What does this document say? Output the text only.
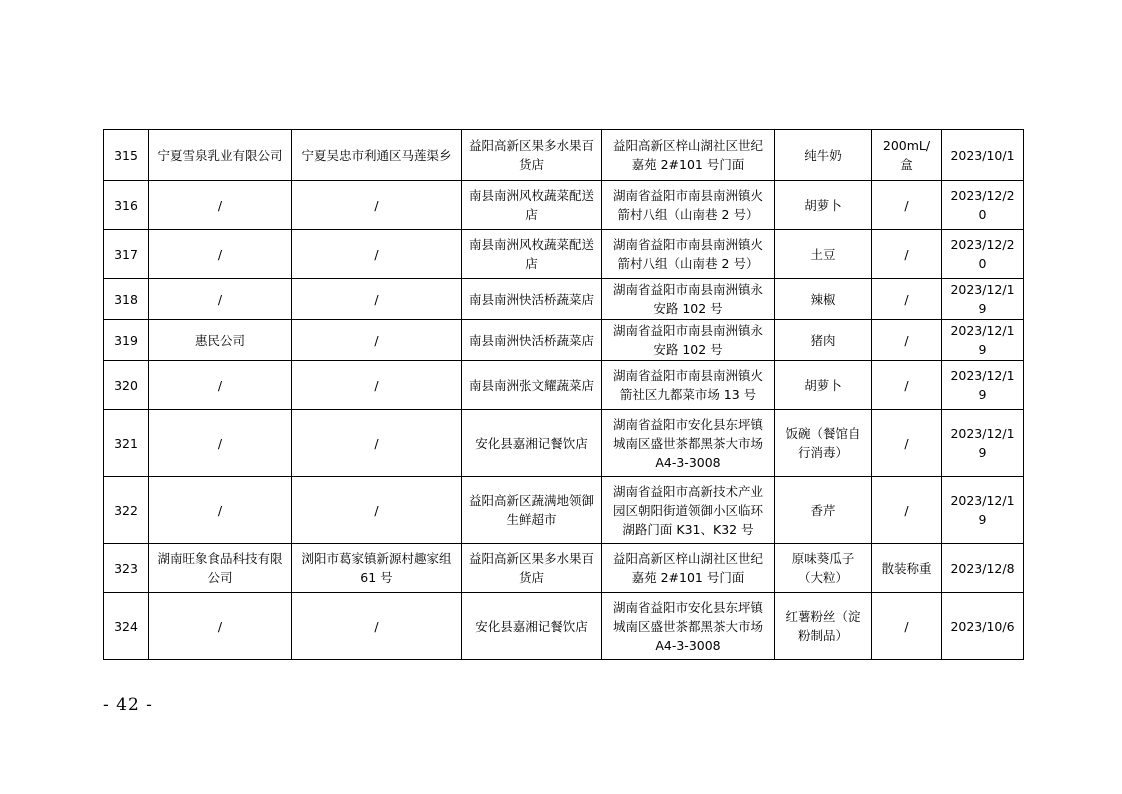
315	宁夏雪泉乳业有限公司	宁夏吴忠市利通区马莲渠乡	益阳高新区果多水果百货店	益阳高新区梓山湖社区世纪嘉苑 2#101 号门面	纯牛奶	200mL/盒	2023/10/1
316	/	/	南县南洲风枚蔬菜配送店	湖南省益阳市南县南洲镇火箭村八组（山南巷 2 号）	胡萝卜	/	2023/12/20
317	/	/	南县南洲风枚蔬菜配送店	湖南省益阳市南县南洲镇火箭村八组（山南巷 2 号）	土豆	/	2023/12/20
318	/	/	南县南洲快活桥蔬菜店	湖南省益阳市南县南洲镇永安路 102 号	辣椒	/	2023/12/19
319	惠民公司	/	南县南洲快活桥蔬菜店	湖南省益阳市南县南洲镇永安路 102 号	猪肉	/	2023/12/19
320	/	/	南县南洲张文耀蔬菜店	湖南省益阳市南县南洲镇火箭社区九都菜市场 13 号	胡萝卜	/	2023/12/19
321	/	/	安化县嘉湘记餐饮店	湖南省益阳市安化县东坪镇城南区盛世茶都黑茶大市场 A4-3-3008	饭碗（餐馆自行消毒）	/	2023/12/19
322	/	/	益阳高新区蔬满地领御生鲜超市	湖南省益阳市高新技术产业园区朝阳街道领御小区临环湖路门面 K31、K32 号	香芹	/	2023/12/19
323	湖南旺象食品科技有限公司	浏阳市葛家镇新源村趣家组 61 号	益阳高新区果多水果百货店	益阳高新区梓山湖社区世纪嘉苑 2#101 号门面	原味葵瓜子（大粒）	散装称重	2023/12/8
324	/	/	安化县嘉湘记餐饮店	湖南省益阳市安化县东坪镇城南区盛世茶都黑茶大市场 A4-3-3008	红薯粉丝（淀粉制品）	/	2023/10/6
- 42 -
